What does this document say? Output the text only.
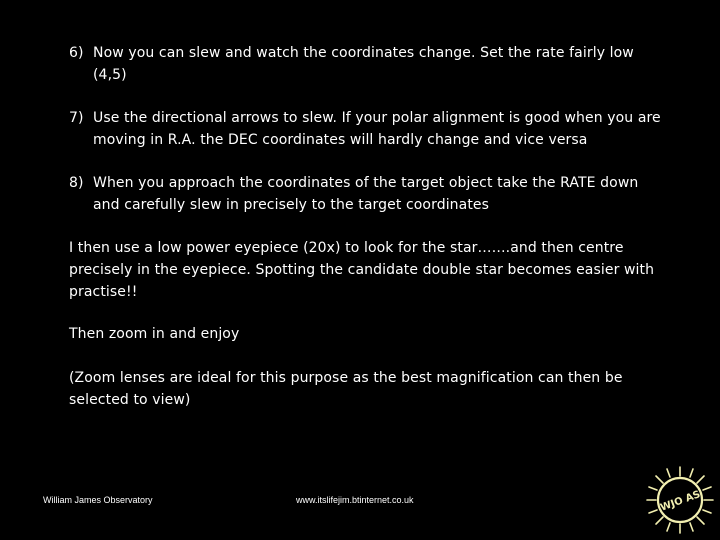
6) Now you can slew and watch the coordinates change. Set the rate fairly low (4,5)
7) Use the directional arrows to slew. If your polar alignment is good when you are moving in R.A. the DEC coordinates will hardly change and vice versa
8) When you approach the coordinates of the target object take the RATE down and carefully slew in precisely to the target coordinates

I then use a low power eyepiece (20x) to look for the star…….and then centre precisely in the eyepiece. Spotting the candidate double star becomes easier with practise!!

Then zoom in and enjoy

(Zoom lenses are ideal for this purpose as the best magnification can then be selected to view)

William James Observatory	www.itslifejim.btinternet.co.uk	WJO AS
